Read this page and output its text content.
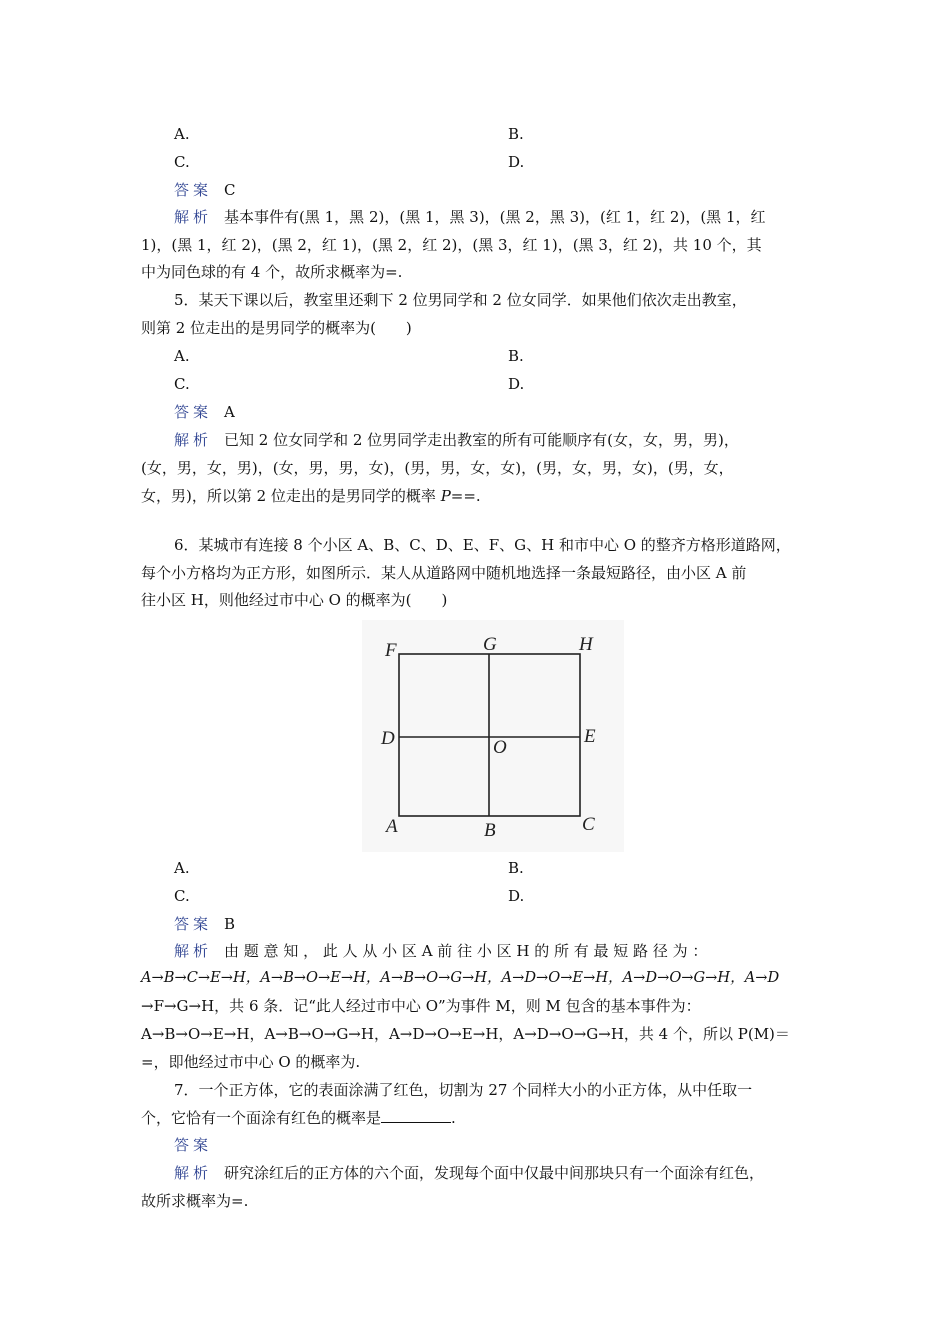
A.	B.
C.	D.
答案 C
解析 基本事件有(黑 1，黑 2)，(黑 1，黑 3)，(黑 2，黑 3)，(红 1，红 2)，(黑 1，红
1)，(黑 1，红 2)，(黑 2，红 1)，(黑 2，红 2)，(黑 3，红 1)，(黑 3，红 2)，共 10 个，其
中为同色球的有 4 个，故所求概率为=.
5．某天下课以后，教室里还剩下 2 位男同学和 2 位女同学．如果他们依次走出教室，
则第 2 位走出的是男同学的概率为(　　)
A.	B.
C.	D.
答案 A
解析 已知 2 位女同学和 2 位男同学走出教室的所有可能顺序有(女，女，男，男)，
(女，男，女，男)，(女，男，男，女)，(男，男，女，女)，(男，女，男，女)，(男，女，
女，男)，所以第 2 位走出的是男同学的概率 P==.
6．某城市有连接 8 个小区 A、B、C、D、E、F、G、H 和市中心 O 的整齐方格形道路网，
每个小方格均为正方形，如图所示．某人从道路网中随机地选择一条最短路径，由小区 A 前
往小区 H，则他经过市中心 O 的概率为(　　)
F	G	H
D	O
E
A	B	C
A.	B.
C.	D.
答案 B
解析 由 题 意 知 ， 此 人 从 小 区 A 前 往 小 区 H 的 所 有 最 短 路 径 为 ：
A→B→C→E→H，A→B→O→E→H，A→B→O→G→H，A→D→O→E→H，A→D→O→G→H，A→D
→F→G→H，共 6 条．记“此人经过市中心 O”为事件 M，则 M 包含的基本事件为：
A→B→O→E→H，A→B→O→G→H，A→D→O→E→H，A→D→O→G→H，共 4 个，所以 P(M)＝
=，即他经过市中心 O 的概率为.
7．一个正方体，它的表面涂满了红色，切割为 27 个同样大小的小正方体，从中任取一
个，它恰有一个面涂有红色的概率是	.
答案
解析 研究涂红后的正方体的六个面，发现每个面中仅最中间那块只有一个面涂有红色，
故所求概率为=.
